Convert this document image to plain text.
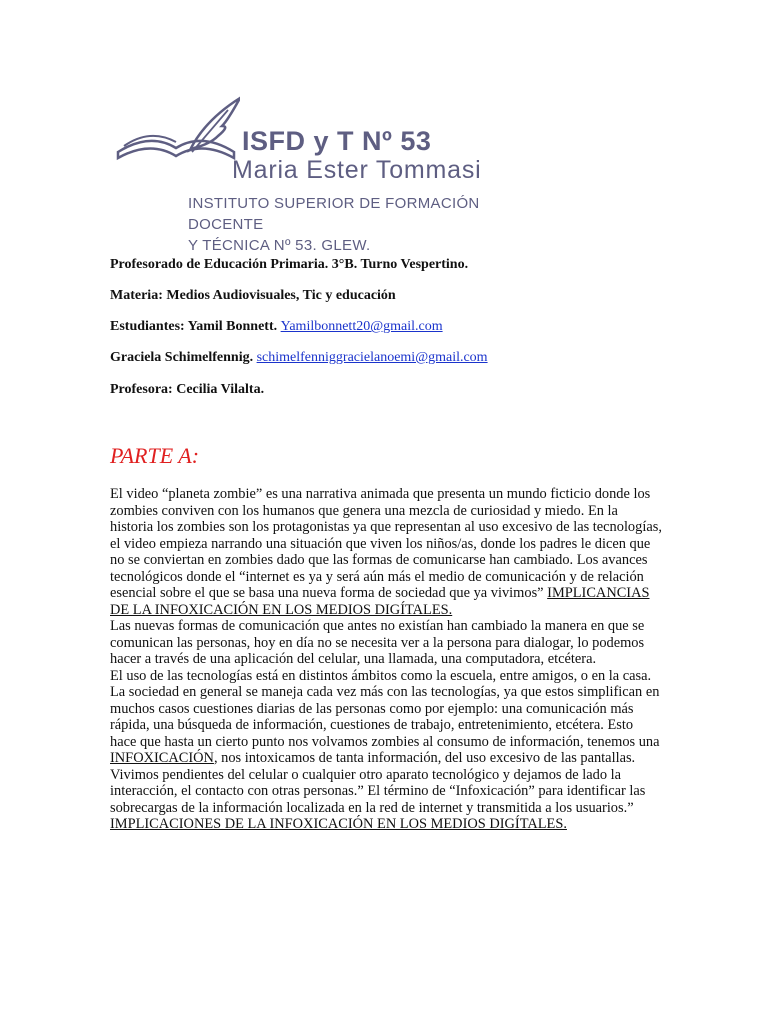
ISFD y T Nº 53
Maria Ester Tommasi
INSTITUTO SUPERIOR DE FORMACIÓN DOCENTE
Y TÉCNICA Nº 53. GLEW.
Profesorado de Educación Primaria. 3°B. Turno Vespertino.
Materia: Medios Audiovisuales, Tic y educación
Estudiantes: Yamil Bonnett. Yamilbonnett20@gmail.com
Graciela Schimelfennig. schimelfenniggracielanoemi@gmail.com
Profesora: Cecilia Vilalta.
PARTE A:
El video “planeta zombie” es una narrativa animada que presenta un mundo ficticio donde los zombies conviven con los humanos que genera una mezcla de curiosidad y miedo. En la historia los zombies son los protagonistas ya que representan al uso excesivo de las tecnologías, el video empieza narrando una situación que viven los niños/as, donde los padres le dicen que no se conviertan en zombies dado que las formas de comunicarse han cambiado. Los avances tecnológicos donde el “internet es ya y será aún más el medio de comunicación y de relación esencial sobre el que se basa una nueva forma de sociedad que ya vivimos” IMPLICANCIAS DE LA INFOXICACIÓN EN LOS MEDIOS DIGÍTALES.
Las nuevas formas de comunicación que antes no existían han cambiado la manera en que se comunican las personas, hoy en día no se necesita ver a la persona para dialogar, lo podemos hacer a través de una aplicación del celular, una llamada, una computadora, etcétera.
El uso de las tecnologías está en distintos ámbitos como la escuela, entre amigos, o en la casa. La sociedad en general se maneja cada vez más con las tecnologías, ya que estos simplifican en muchos casos cuestiones diarias de las personas como por ejemplo: una comunicación más rápida, una búsqueda de información, cuestiones de trabajo, entretenimiento, etcétera. Esto hace que hasta un cierto punto nos volvamos zombies al consumo de información, tenemos una INFOXICACIÓN, nos intoxicamos de tanta información, del uso excesivo de las pantallas. Vivimos pendientes del celular o cualquier otro aparato tecnológico y dejamos de lado la interacción, el contacto con otras personas.” El término de “Infoxicación” para identificar las sobrecargas de la información localizada en la red de internet y transmitida a los usuarios.”
IMPLICACIONES DE LA INFOXICACIÓN EN LOS MEDIOS DIGÍTALES.
